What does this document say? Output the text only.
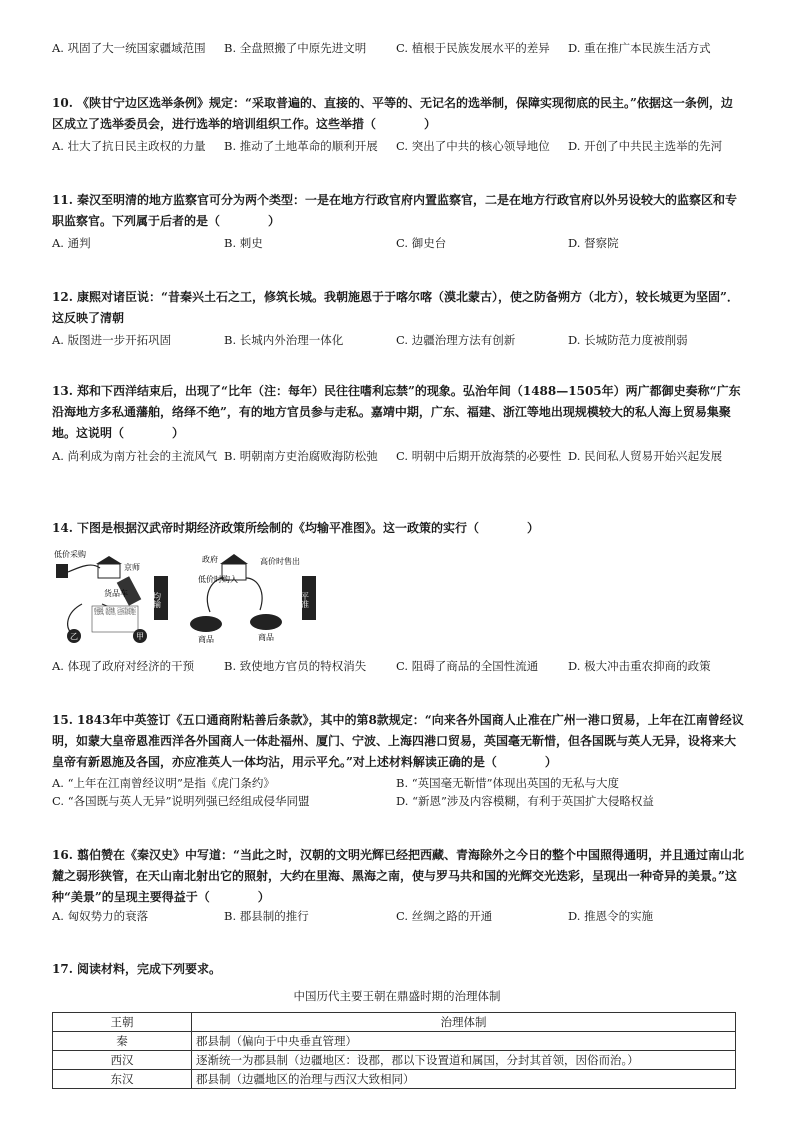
A. 巩固了大一统国家疆域范围	B. 全盘照搬了中原先进文明	C. 植根于民族发展水平的差异	D. 重在推广本民族生活方式
10. 《陕甘宁边区选举条例》规定：“采取普遍的、直接的、平等的、无记名的选举制，保障实现彻底的民主。”依据这一条例，边区成立了选举委员会，进行选举的培训组织工作。这些举措（　　　　）
A. 壮大了抗日民主政权的力量	B. 推动了土地革命的顺利开展	C. 突出了中共的核心领导地位	D. 开创了中共民主选举的先河
11. 秦汉至明清的地方监察官可分为两个类型：一是在地方行政官府内置监察官，二是在地方行政官府以外另设较大的监察区和专职监察官。下列属于后者的是（　　　　）
A. 通判	B. 刺史	C. 御史台	D. 督察院
12. 康熙对诸臣说：“昔秦兴土石之工，修筑长城。我朝施恩于于喀尔喀（漠北蒙古），使之防备朔方（北方），较长城更为坚固”．这反映了清朝
A. 版图进一步开拓巩固	B. 长城内外治理一体化	C. 边疆治理方法有创新	D. 长城防范力度被削弱
13. 郑和下西洋结束后，出现了“比年（注：每年）民往往嗜利忘禁”的现象。弘治年间（1488—1505年）两广都御史奏称“广东沿海地方多私通藩舶，络绎不绝”，有的地方官员参与走私。嘉靖中期，广东、福建、浙江等地出现规模较大的私人海上贸易集聚地。这说明（　　　　）
A. 尚利成为南方社会的主流风气 B. 明朝南方吏治腐败海防松弛	C. 明朝中后期开放海禁的必要性 D. 民间私人贸易开始兴起发展
14. 下图是根据汉武帝时期经济政策所绘制的《均输平准图》。这一政策的实行（　　　　）
低价采购
京师
货品车
乙	甲
均输
政府
低价时购入
高价时售出
商品	商品
平准
A. 体现了政府对经济的干预	B. 致使地方官员的特权消失	C. 阻碍了商品的全国性流通	D. 极大冲击重农抑商的政策
15. 1843年中英签订《五口通商附粘善后条款》，其中的第8款规定：“向来各外国商人止准在广州一港口贸易，上年在江南曾经议明，如蒙大皇帝恩准西洋各外国商人一体赴福州、厦门、宁波、上海四港口贸易，英国毫无靳惜，但各国既与英人无异，设将来大皇帝有新恩施及各国，亦应准英人一体均沾，用示平允。”对上述材料解读正确的是（　　　　）
A. “上年在江南曾经议明”是指《虎门条约》	B. “英国毫无靳惜”体现出英国的无私与大度
C. “各国既与英人无异”说明列强已经组成侵华同盟	D. “新恩”涉及内容模糊，有利于英国扩大侵略权益
16. 翦伯赞在《秦汉史》中写道：“当此之时，汉朝的文明光辉已经把西藏、青海除外之今日的整个中国照得通明，并且通过南山北麓之弱形狭管，在天山南北射出它的照射，大约在里海、黑海之南，使与罗马共和国的光辉交光迭彩，呈现出一种奇异的美景。”这种“美景”的呈现主要得益于（　　　　）
A. 匈奴势力的衰落	B. 郡县制的推行	C. 丝绸之路的开通	D. 推恩令的实施
17. 阅读材料，完成下列要求。
中国历代主要王朝在鼎盛时期的治理体制
王朝	治理体制
秦	郡县制（偏向于中央垂直管理）
西汉	逐渐统一为郡县制（边疆地区：设郡，郡以下设置道和属国，分封其首领，因俗而治。）
东汉	郡县制（边疆地区的治理与西汉大致相同）
